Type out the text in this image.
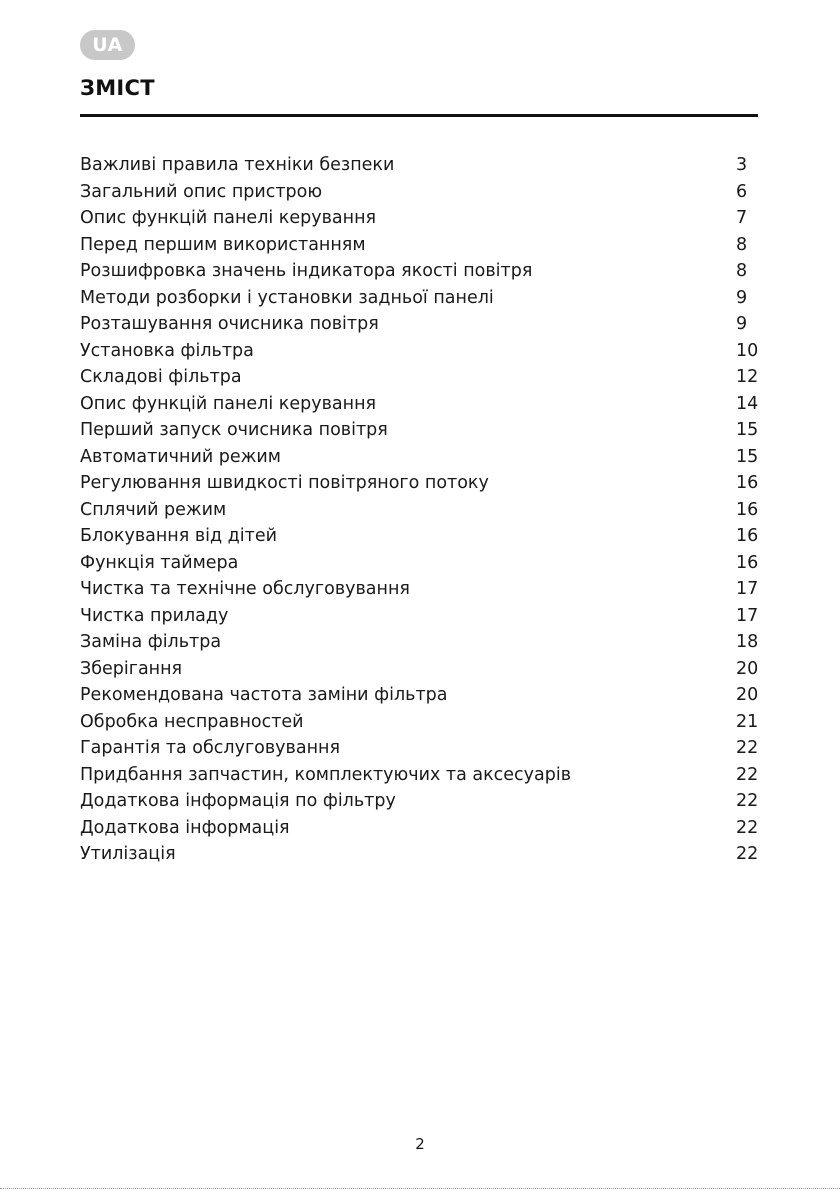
UA
ЗМІСТ
Важливі правила техніки безпеки	3
Загальний опис пристрою	6
Опис функцій панелі керування	7
Перед першим використанням	8
Розшифровка значень індикатора якості повітря	8
Методи розборки і установки задньої панелі	9
Розташування очисника повітря	9
Установка фільтра	10
Складові фільтра	12
Опис функцій панелі керування	14
Перший запуск очисника повітря	15
Автоматичний режим	15
Регулювання швидкості повітряного потоку	16
Сплячий режим	16
Блокування від дітей	16
Функція таймера	16
Чистка та технічне обслуговування	17
Чистка приладу	17
Заміна фільтра	18
Зберігання	20
Рекомендована частота заміни фільтра	20
Обробка несправностей	21
Гарантія та обслуговування	22
Придбання запчастин, комплектуючих та аксесуарів	22
Додаткова інформація по фільтру	22
Додаткова інформація	22
Утилізація	22
2
